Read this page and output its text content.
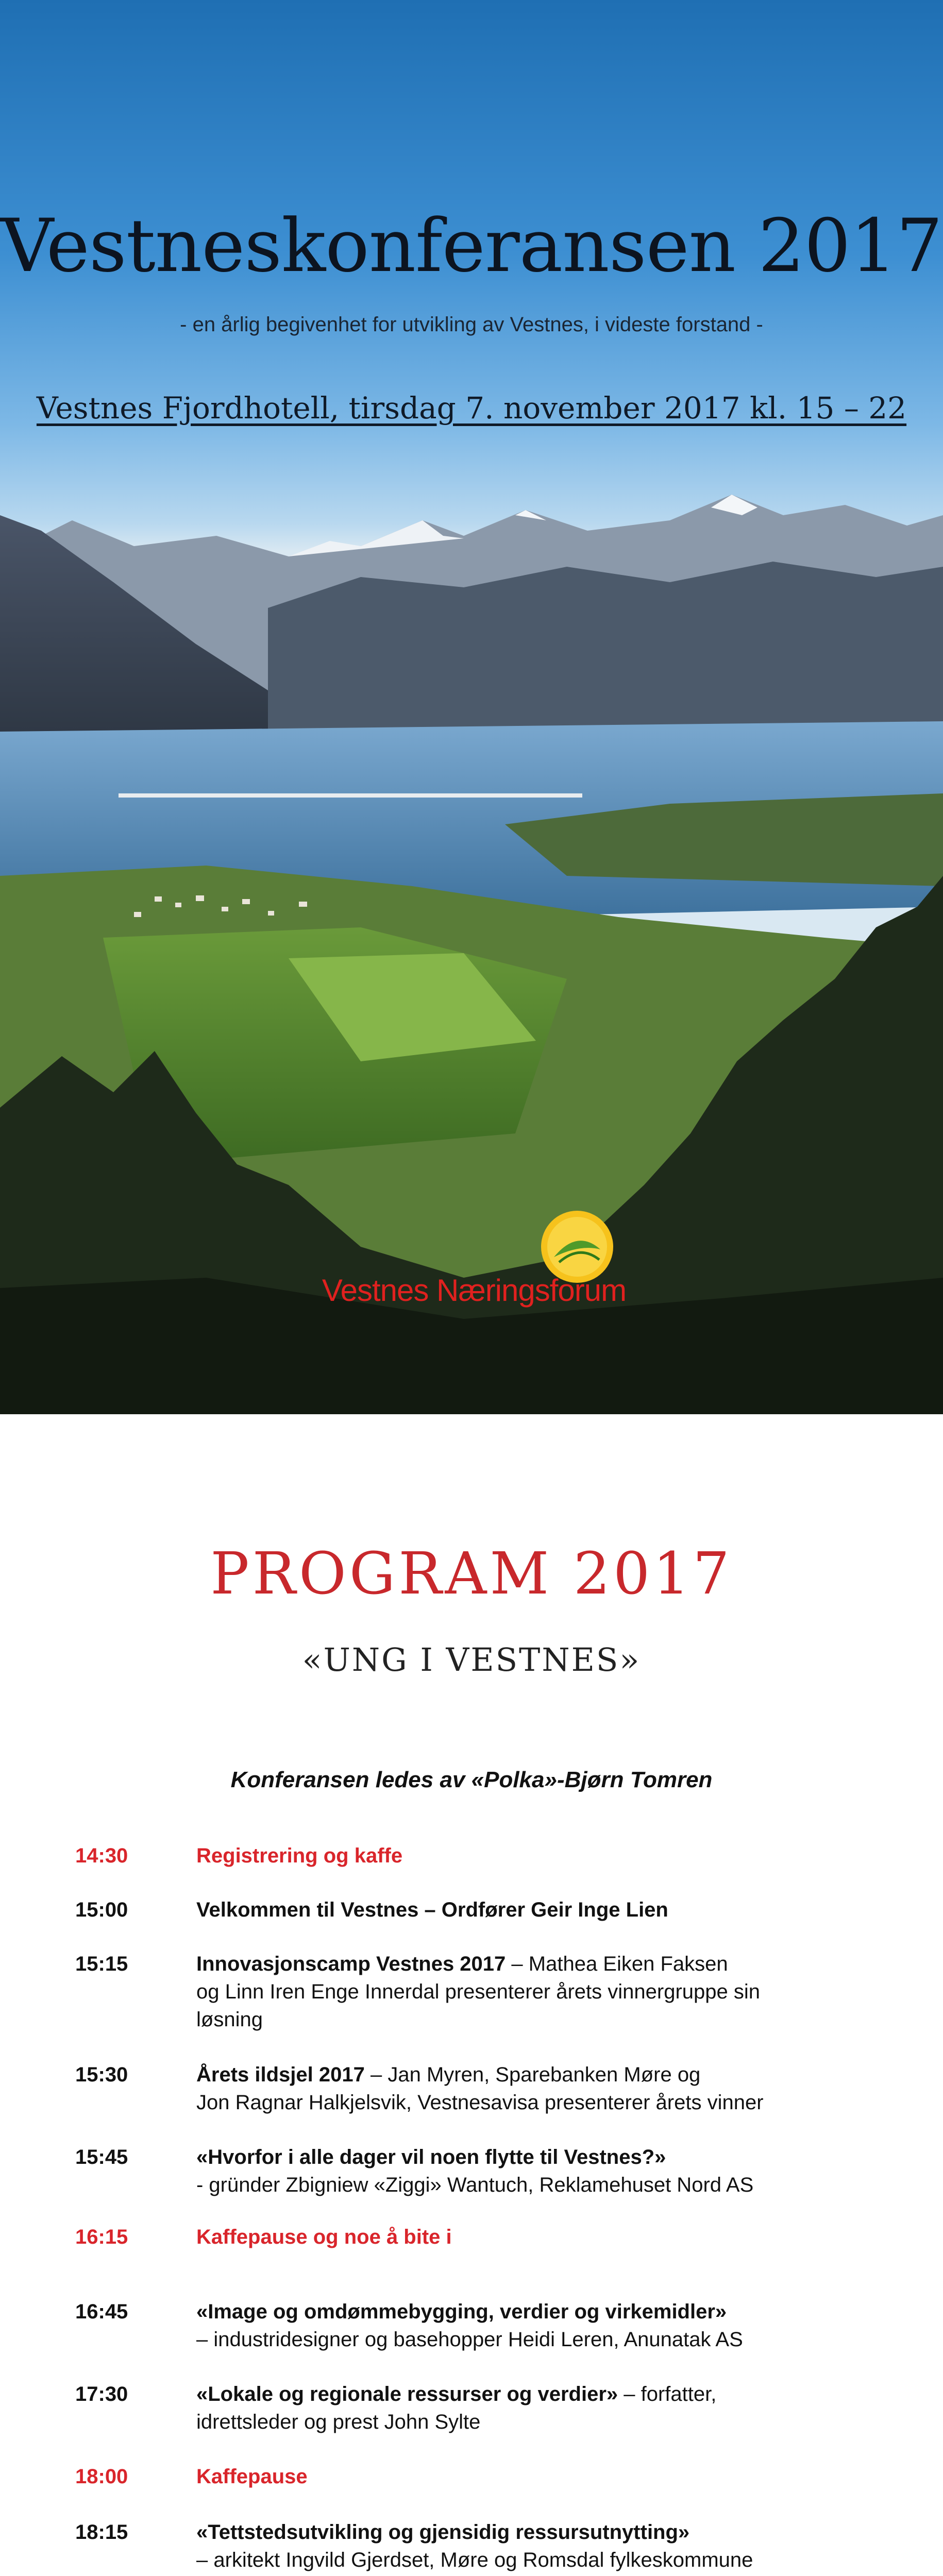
Vestneskonferansen 2017
- en årlig begivenhet for utvikling av Vestnes, i videste forstand -
Vestnes Fjordhotell, tirsdag 7. november 2017 kl. 15 – 22
Vestnes Næringsforum
PROGRAM 2017
«UNG I VESTNES»
Konferansen ledes av «Polka»-Bjørn Tomren
14:30	Registrering og kaffe
15:00	Velkommen til Vestnes – Ordfører Geir Inge Lien
15:15	Innovasjonscamp Vestnes 2017 – Mathea Eiken Faksen
og Linn Iren Enge Innerdal presenterer årets vinnergruppe sin
løsning
15:30	Årets ildsjel 2017 – Jan Myren, Sparebanken Møre og
Jon Ragnar Halkjelsvik, Vestnesavisa presenterer årets vinner
15:45	«Hvorfor i alle dager vil noen flytte til Vestnes?»
- gründer Zbigniew «Ziggi» Wantuch, Reklamehuset Nord AS
16:15	Kaffepause og noe å bite i
16:45	«Image og omdømmebygging, verdier og virkemidler»
– industridesigner og basehopper Heidi Leren, Anunatak AS
17:30	«Lokale og regionale ressurser og verdier» – forfatter,
idrettsleder og prest John Sylte
18:00	Kaffepause
18:15	«Tettstedsutvikling og gjensidig ressursutnytting»
– arkitekt Ingvild Gjerdset, Møre og Romsdal fylkeskommune
